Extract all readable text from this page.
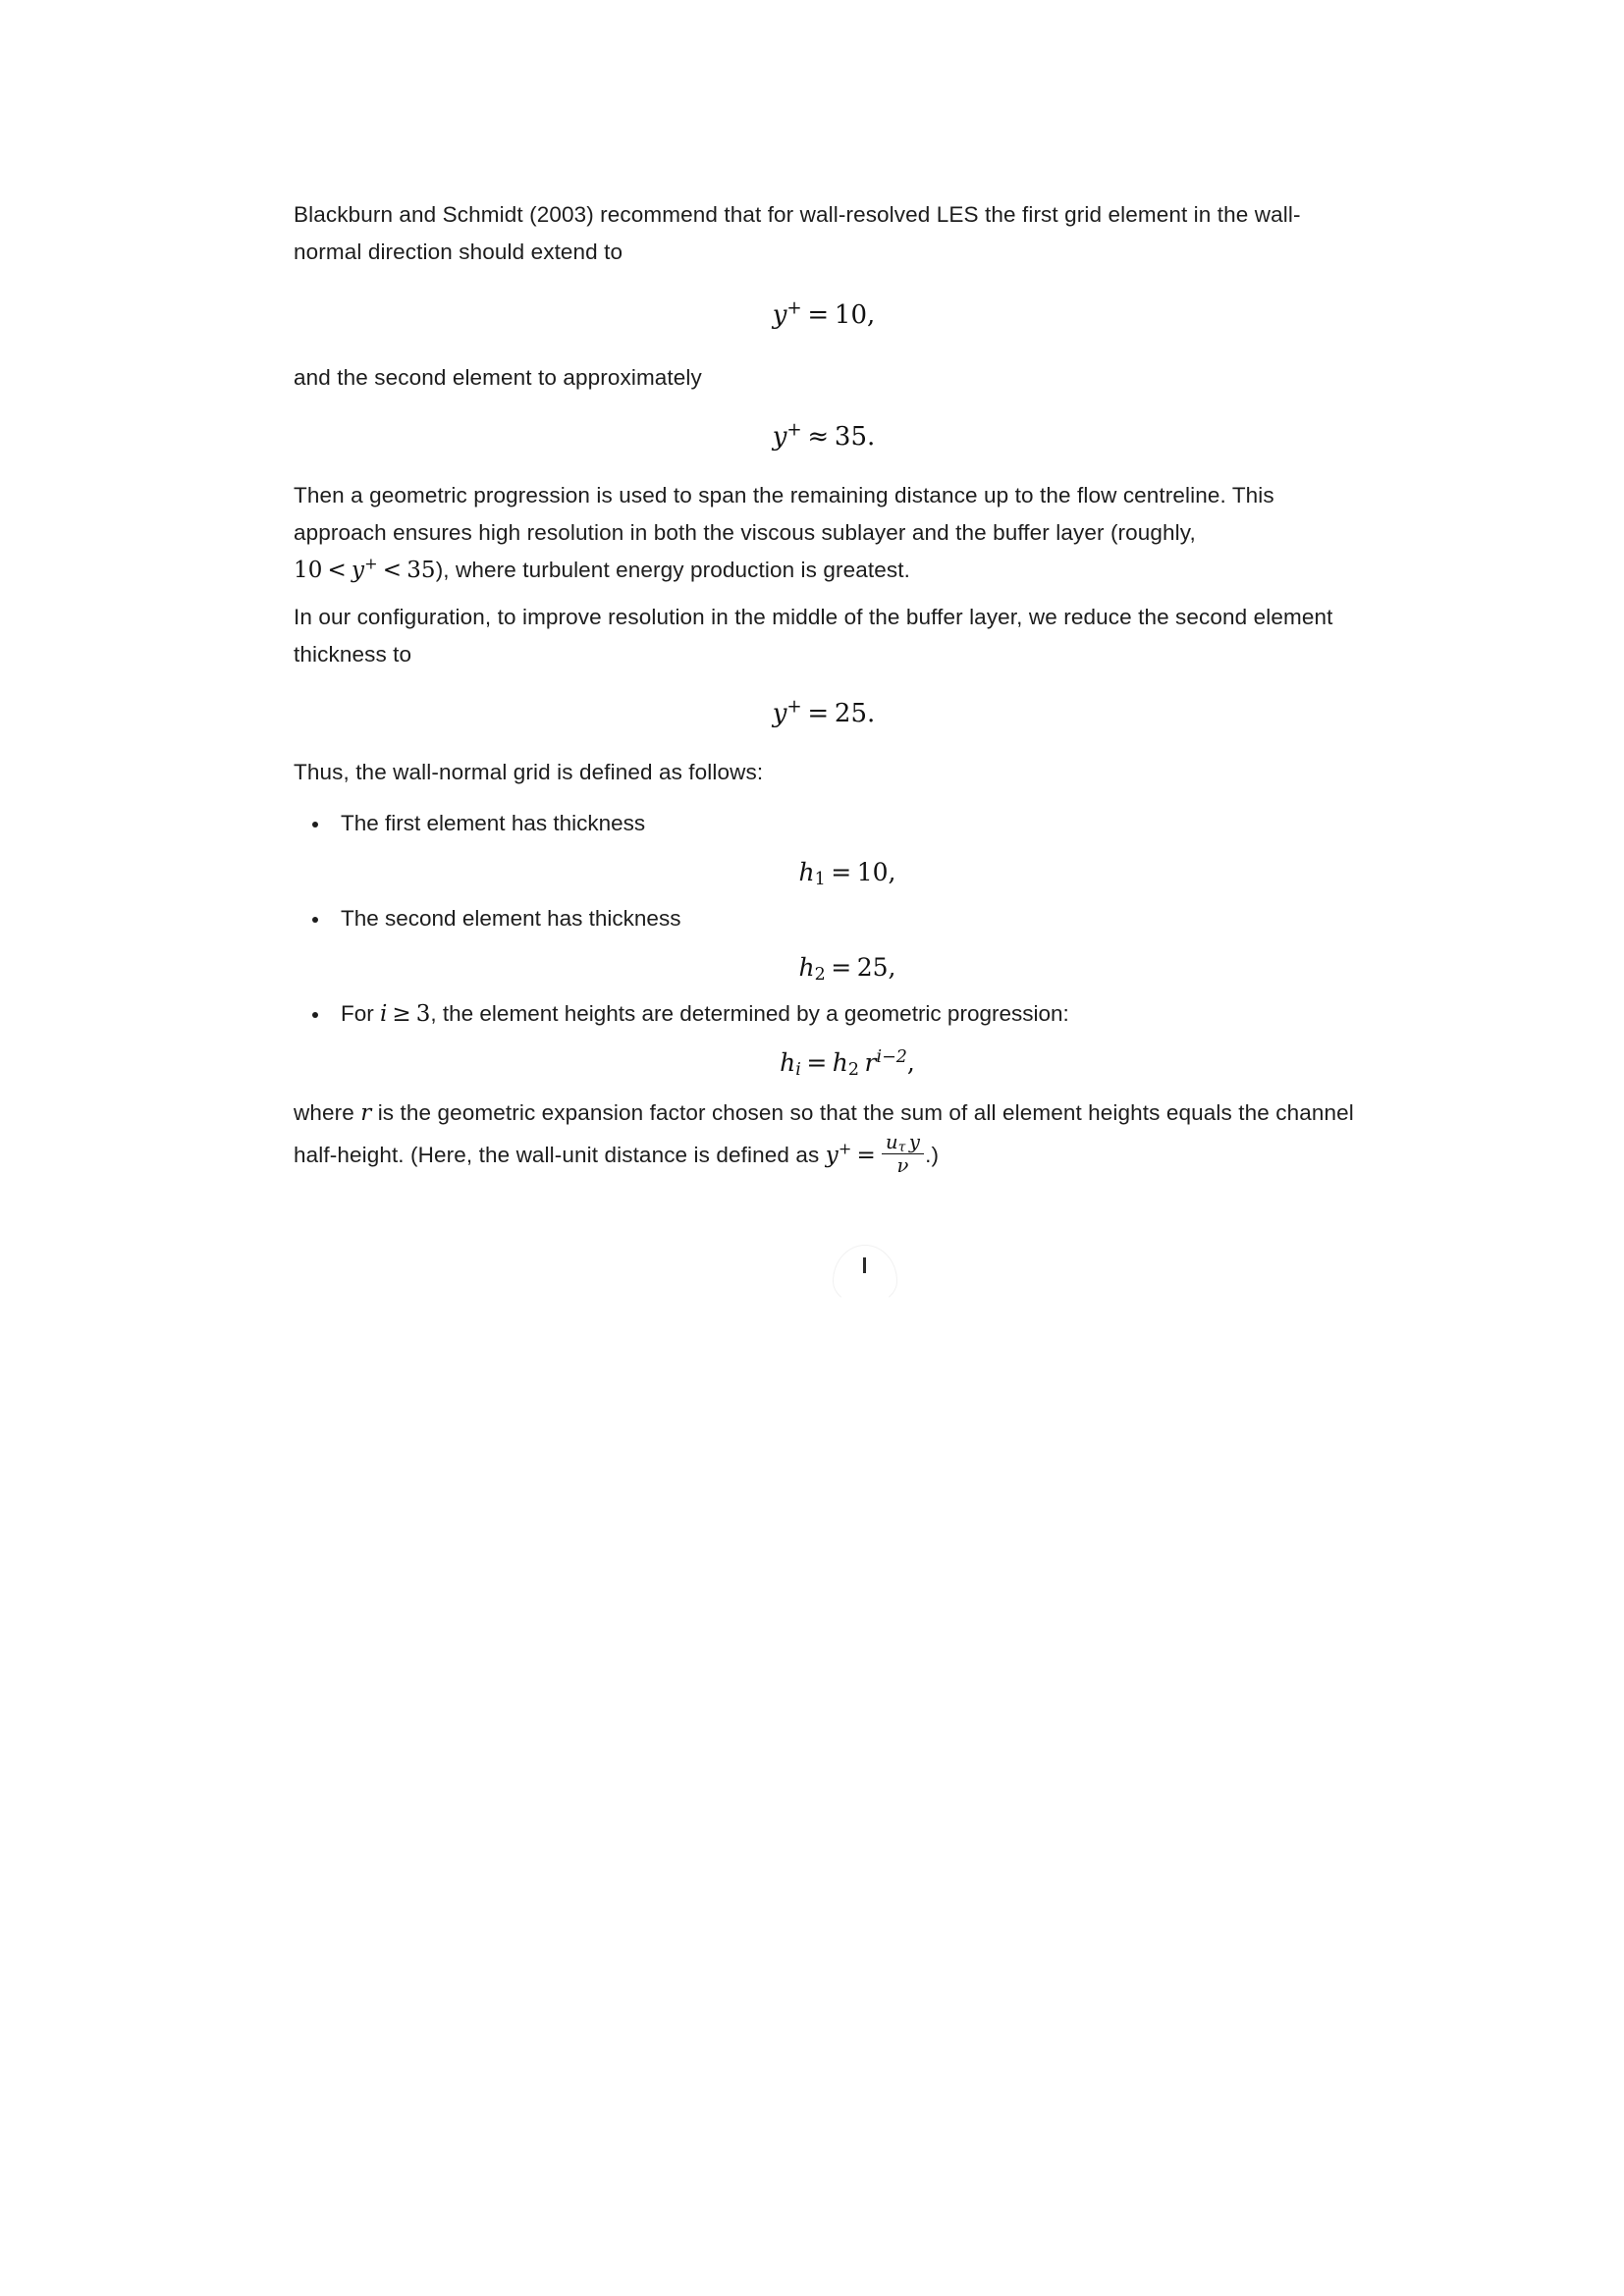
Blackburn and Schmidt (2003) recommend that for wall-resolved LES the first grid element in the wall-normal direction should extend to

y+ = 10,

and the second element to approximately

y+ ≈ 35.

Then a geometric progression is used to span the remaining distance up to the flow centreline. This approach ensures high resolution in both the viscous sublayer and the buffer layer (roughly, 10 < y+ < 35), where turbulent energy production is greatest.

In our configuration, to improve resolution in the middle of the buffer layer, we reduce the second element thickness to

y+ = 25.

Thus, the wall-normal grid is defined as follows:

The first element has thickness
$h_1 = 10$,
The second element has thickness
$h_2 = 25$,
For i ≥ 3, the element heights are determined by a geometric progression:
$h_i = h_2$ $r^{i-2}$,

where r is the geometric expansion factor chosen so that the sum of all element heights equals the channel half-height. (Here, the wall-unit distance is defined as $y^+ = \frac{u_\tau y}{\nu}$ .)
